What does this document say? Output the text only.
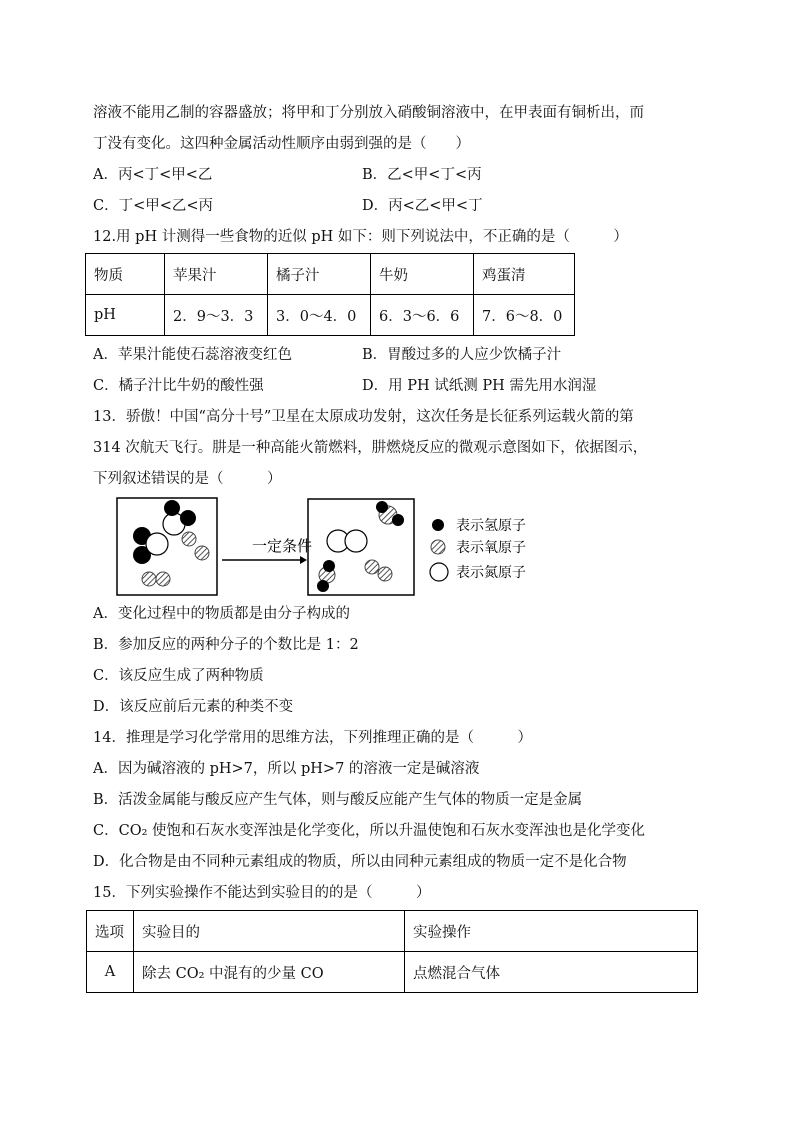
溶液不能用乙制的容器盛放；将甲和丁分别放入硝酸铜溶液中，在甲表面有铜析出，而
丁没有变化。这四种金属活动性顺序由弱到强的是（　　）
A．丙<丁<甲<乙	B．乙<甲<丁<丙
C．丁<甲<乙<丙	D．丙<乙<甲<丁
12.用 pH 计测得一些食物的近似 pH 如下：则下列说法中，不正确的是（　　　）
物质	苹果汁	橘子汁	牛奶	鸡蛋清
pH	2．9～3．3	3．0～4．0	6．3～6．6	7．6～8．0
A．苹果汁能使石蕊溶液变红色	B．胃酸过多的人应少饮橘子汁
C．橘子汁比牛奶的酸性强	D．用 PH 试纸测 PH 需先用水润湿
13．骄傲！中国“高分十号”卫星在太原成功发射，这次任务是长征系列运载火箭的第
314 次航天飞行。肼是一种高能火箭燃料，肼燃烧反应的微观示意图如下，依据图示，
下列叙述错误的是（　　　）
一定条件
表示氢原子
表示氧原子
表示氮原子
A．变化过程中的物质都是由分子构成的
B．参加反应的两种分子的个数比是 1：2
C．该反应生成了两种物质
D．该反应前后元素的种类不变
14．推理是学习化学常用的思维方法，下列推理正确的是（　　　）
A．因为碱溶液的 pH>7，所以 pH>7 的溶液一定是碱溶液
B．活泼金属能与酸反应产生气体，则与酸反应能产生气体的物质一定是金属
C．CO₂ 使饱和石灰水变浑浊是化学变化，所以升温使饱和石灰水变浑浊也是化学变化
D．化合物是由不同种元素组成的物质，所以由同种元素组成的物质一定不是化合物
15．下列实验操作不能达到实验目的的是（　　　）
选项	实验目的	实验操作
A	除去 CO₂ 中混有的少量 CO	点燃混合气体
